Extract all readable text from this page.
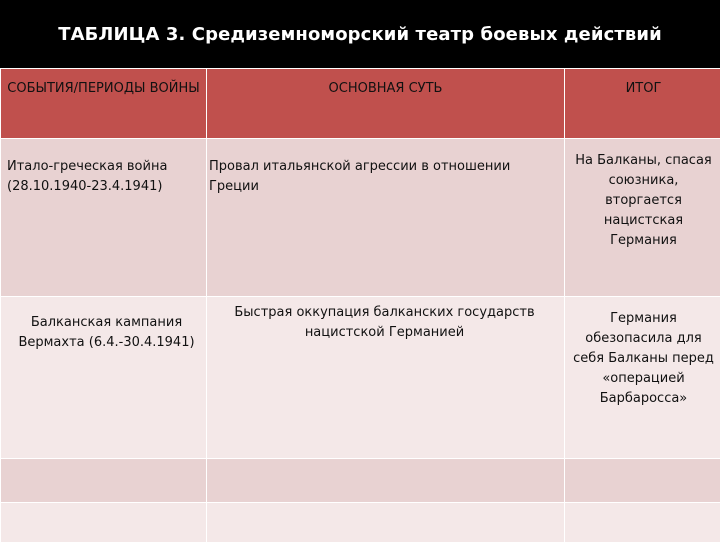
ТАБЛИЦА 3. Средиземноморский театр боевых действий
СОБЫТИЯ/ПЕРИОДЫ ВОЙНЫ	ОСНОВНАЯ СУТЬ	ИТОГ
Итало-греческая война (28.10.1940-23.4.1941)	Провал итальянской агрессии в отношении Греции	На Балканы, спасая союзника, вторгается нацистская Германия

Балканская кампания Вермахта (6.4.-30.4.1941)	Быстрая оккупация балканских государств нацистской Германией	Германия обезопасила для себя Балканы перед «операцией Барбаросса»
